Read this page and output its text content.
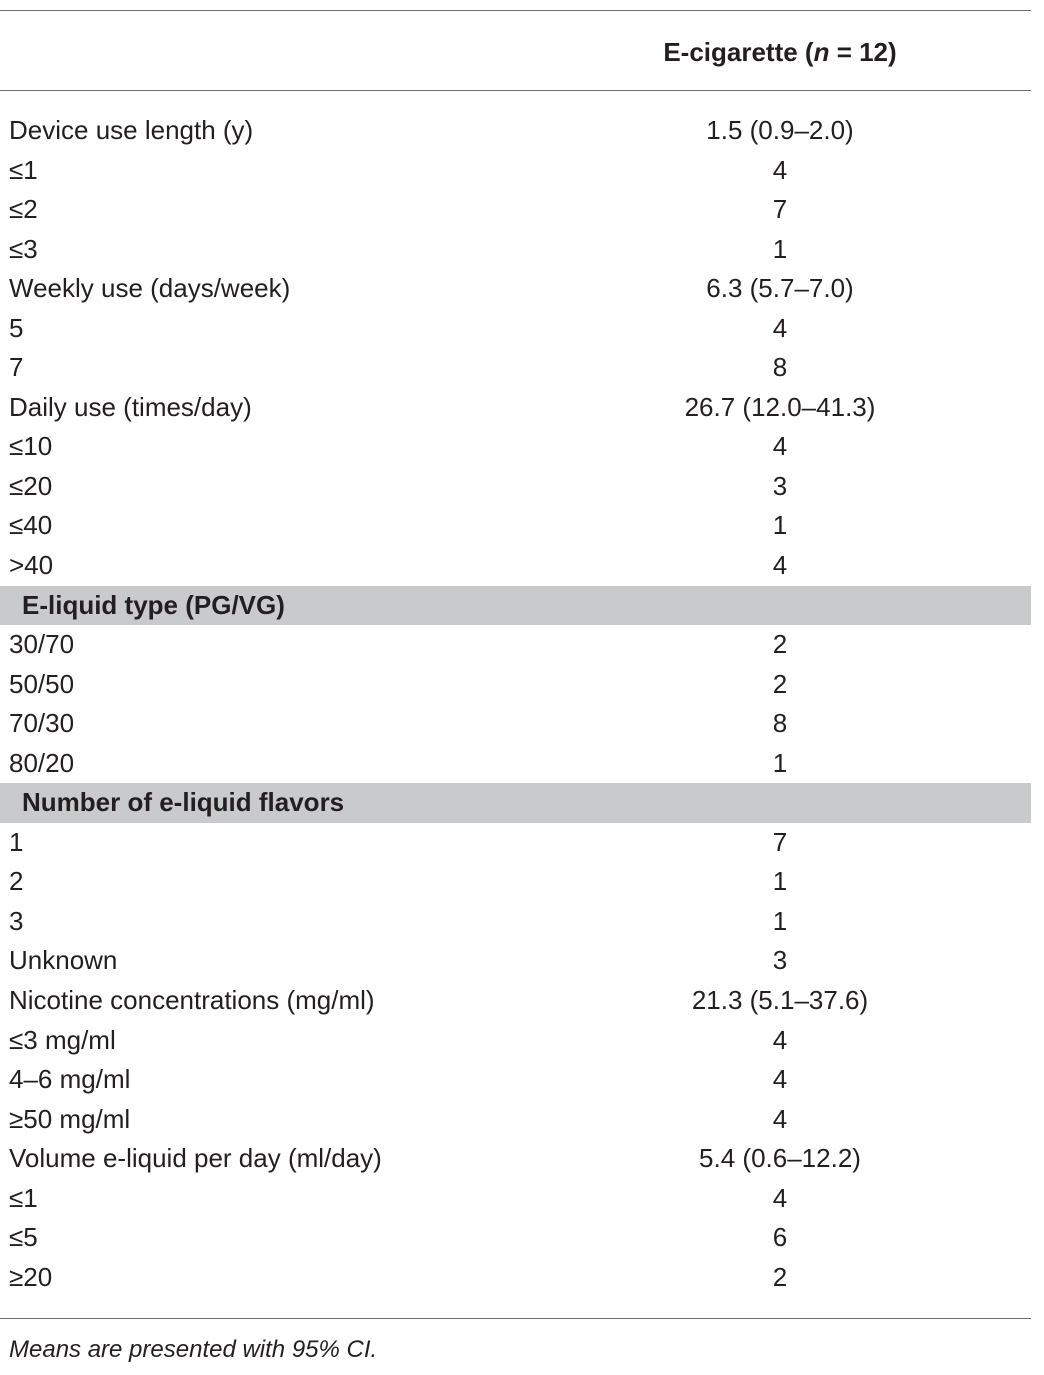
E-cigarette (n = 12)
Device use length (y)	1.5 (0.9–2.0)
≤1	4
≤2	7
≤3	1
Weekly use (days/week)	6.3 (5.7–7.0)
5	4
7	8
Daily use (times/day)	26.7 (12.0–41.3)
≤10	4
≤20	3
≤40	1
>40	4
E-liquid type (PG/VG)
30/70	2
50/50	2
70/30	8
80/20	1
Number of e-liquid flavors
1	7
2	1
3	1
Unknown	3
Nicotine concentrations (mg/ml)	21.3 (5.1–37.6)
≤3 mg/ml	4
4–6 mg/ml	4
≥50 mg/ml	4
Volume e-liquid per day (ml/day)	5.4 (0.6–12.2)
≤1	4
≤5	6
≥20	2
Means are presented with 95% CI.
